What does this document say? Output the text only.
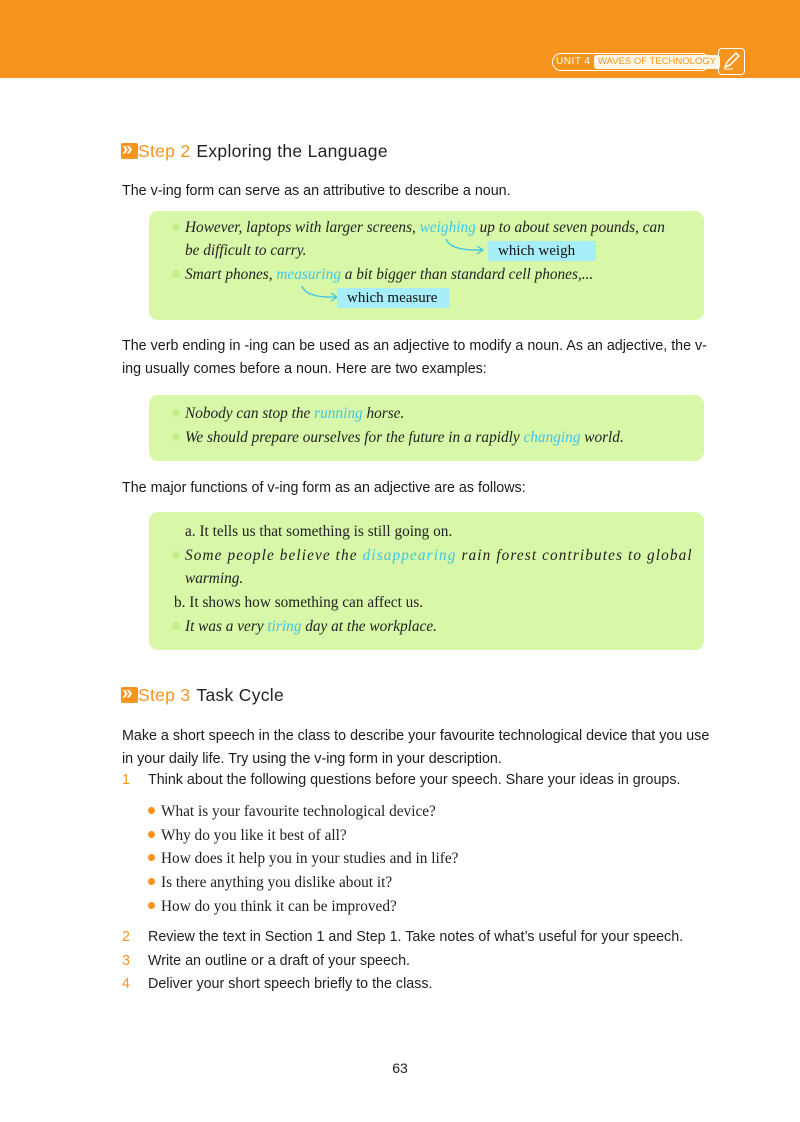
UNIT 4 WAVES OF TECHNOLOGY
»Step 2 Exploring the Language
The v-ing form can serve as an attributive to describe a noun.
However, laptops with larger screens, weighing up to about seven pounds, can
be difficult to carry.	which weigh
Smart phones, measuring a bit bigger than standard cell phones,...
which measure
The verb ending in -ing can be used as an adjective to modify a noun. As an adjective, the v-ing usually comes before a noun. Here are two examples:
Nobody can stop the running horse.
We should prepare ourselves for the future in a rapidly changing world.
The major functions of v-ing form as an adjective are as follows:
a. It tells us that something is still going on.
Some people believe the disappearing rain forest contributes to global
warming.
b. It shows how something can affect us.
It was a very tiring day at the workplace.
»Step 3 Task Cycle
Make a short speech in the class to describe your favourite technological device that you use in your daily life. Try using the v-ing form in your description.
1 Think about the following questions before your speech. Share your ideas in groups.
What is your favourite technological device?
Why do you like it best of all?
How does it help you in your studies and in life?
Is there anything you dislike about it?
How do you think it can be improved?
2 Review the text in Section 1 and Step 1. Take notes of what’s useful for your speech.
3 Write an outline or a draft of your speech.
4 Deliver your short speech briefly to the class.
63
